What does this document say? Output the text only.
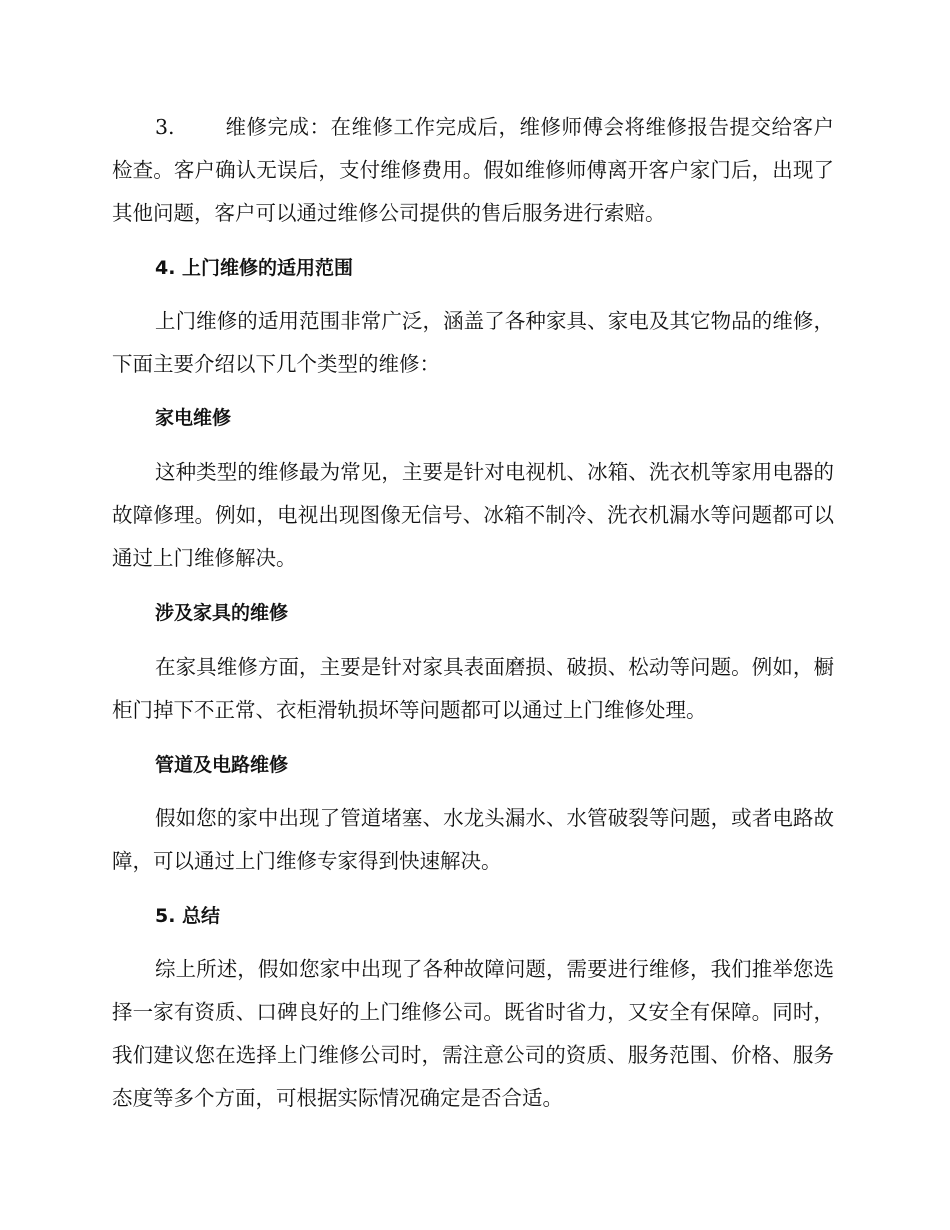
3. 维修完成：在维修工作完成后，维修师傅会将维修报告提交给客户检查。客户确认无误后，支付维修费用。假如维修师傅离开客户家门后，出现了其他问题，客户可以通过维修公司提供的售后服务进行索赔。

4. 上门维修的适用范围

上门维修的适用范围非常广泛，涵盖了各种家具、家电及其它物品的维修，下面主要介绍以下几个类型的维修：

家电维修

这种类型的维修最为常见，主要是针对电视机、冰箱、洗衣机等家用电器的故障修理。例如，电视出现图像无信号、冰箱不制冷、洗衣机漏水等问题都可以通过上门维修解决。

涉及家具的维修

在家具维修方面，主要是针对家具表面磨损、破损、松动等问题。例如，橱柜门掉下不正常、衣柜滑轨损坏等问题都可以通过上门维修处理。

管道及电路维修

假如您的家中出现了管道堵塞、水龙头漏水、水管破裂等问题，或者电路故障，可以通过上门维修专家得到快速解决。

5. 总结

综上所述，假如您家中出现了各种故障问题，需要进行维修，我们推举您选择一家有资质、口碑良好的上门维修公司。既省时省力，又安全有保障。同时，我们建议您在选择上门维修公司时，需注意公司的资质、服务范围、价格、服务态度等多个方面，可根据实际情况确定是否合适。
